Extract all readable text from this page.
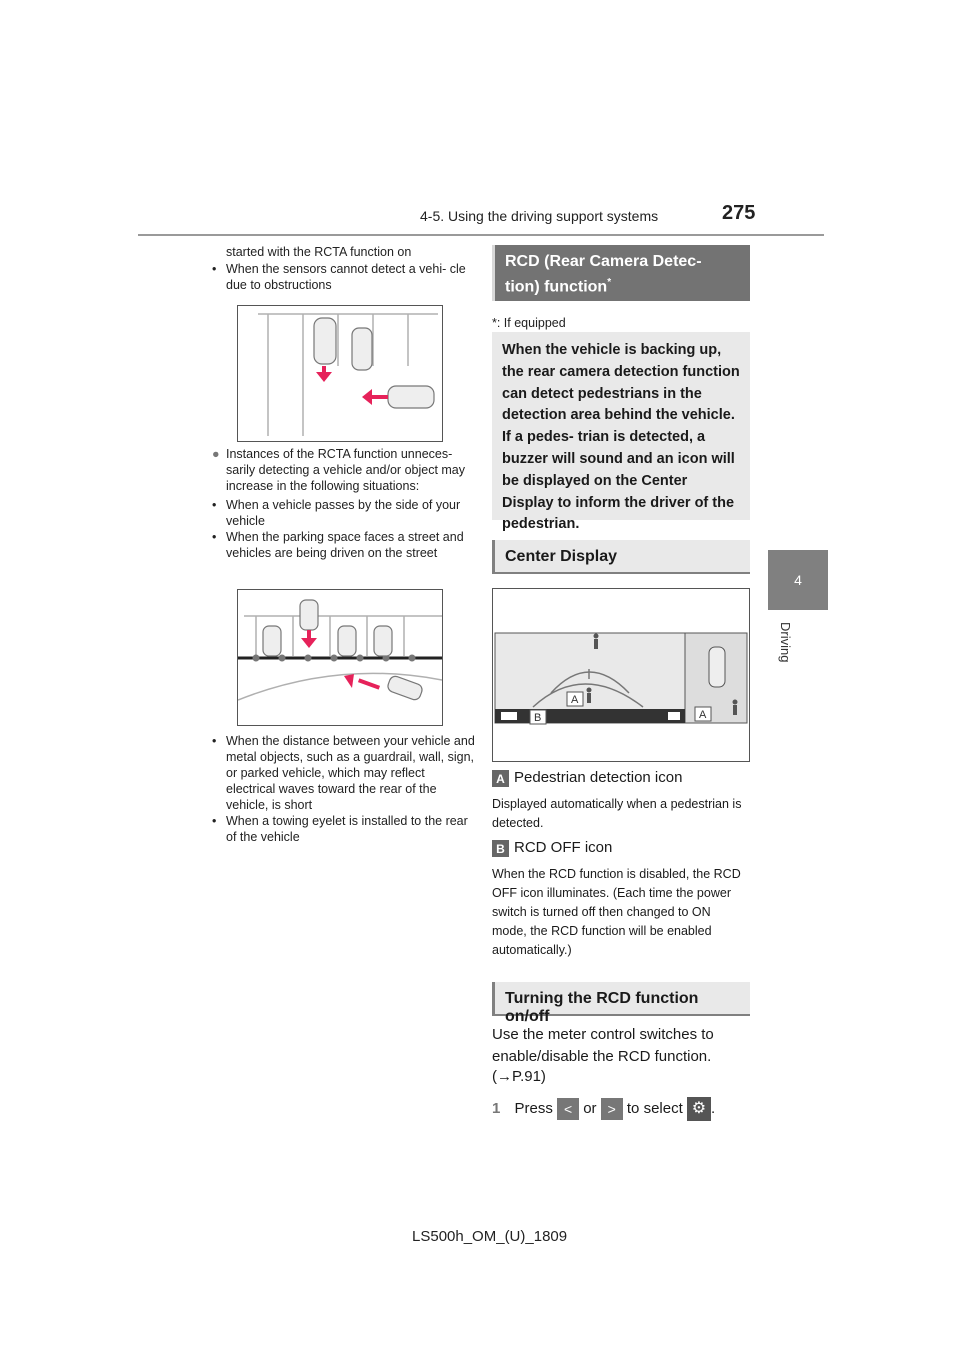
4-5. Using the driving support systems	275
4
Driving
started with the RCTA function on
• When the sensors cannot detect a vehi- cle due to obstructions
● Instances of the RCTA function unneces- sarily detecting a vehicle and/or object may increase in the following situations:
• When a vehicle passes by the side of your vehicle
• When the parking space faces a street and vehicles are being driven on the street
• When the distance between your vehicle and metal objects, such as a guardrail, wall, sign, or parked vehicle, which may reflect electrical waves toward the rear of the vehicle, is short
• When a towing eyelet is installed to the rear of the vehicle
RCD (Rear Camera Detec- tion) function*
*: If equipped
When the vehicle is backing up, the rear camera detection function can detect pedestrians in the detection area behind the vehicle. If a pedes- trian is detected, a buzzer will sound and an icon will be displayed on the Center Display to inform the driver of the pedestrian.
Center Display
A
B	A
A Pedestrian detection icon
Displayed automatically when a pedestrian is detected.
B RCD OFF icon
When the RCD function is disabled, the RCD OFF icon illuminates. (Each time the power switch is turned off then changed to ON mode, the RCD function will be enabled automatically.)
Turning the RCD function on/off
Use the meter control switches to enable/disable the RCD function.
(→P.91)
1 Press < or > to select ⚙ .
LS500h_OM_(U)_1809
